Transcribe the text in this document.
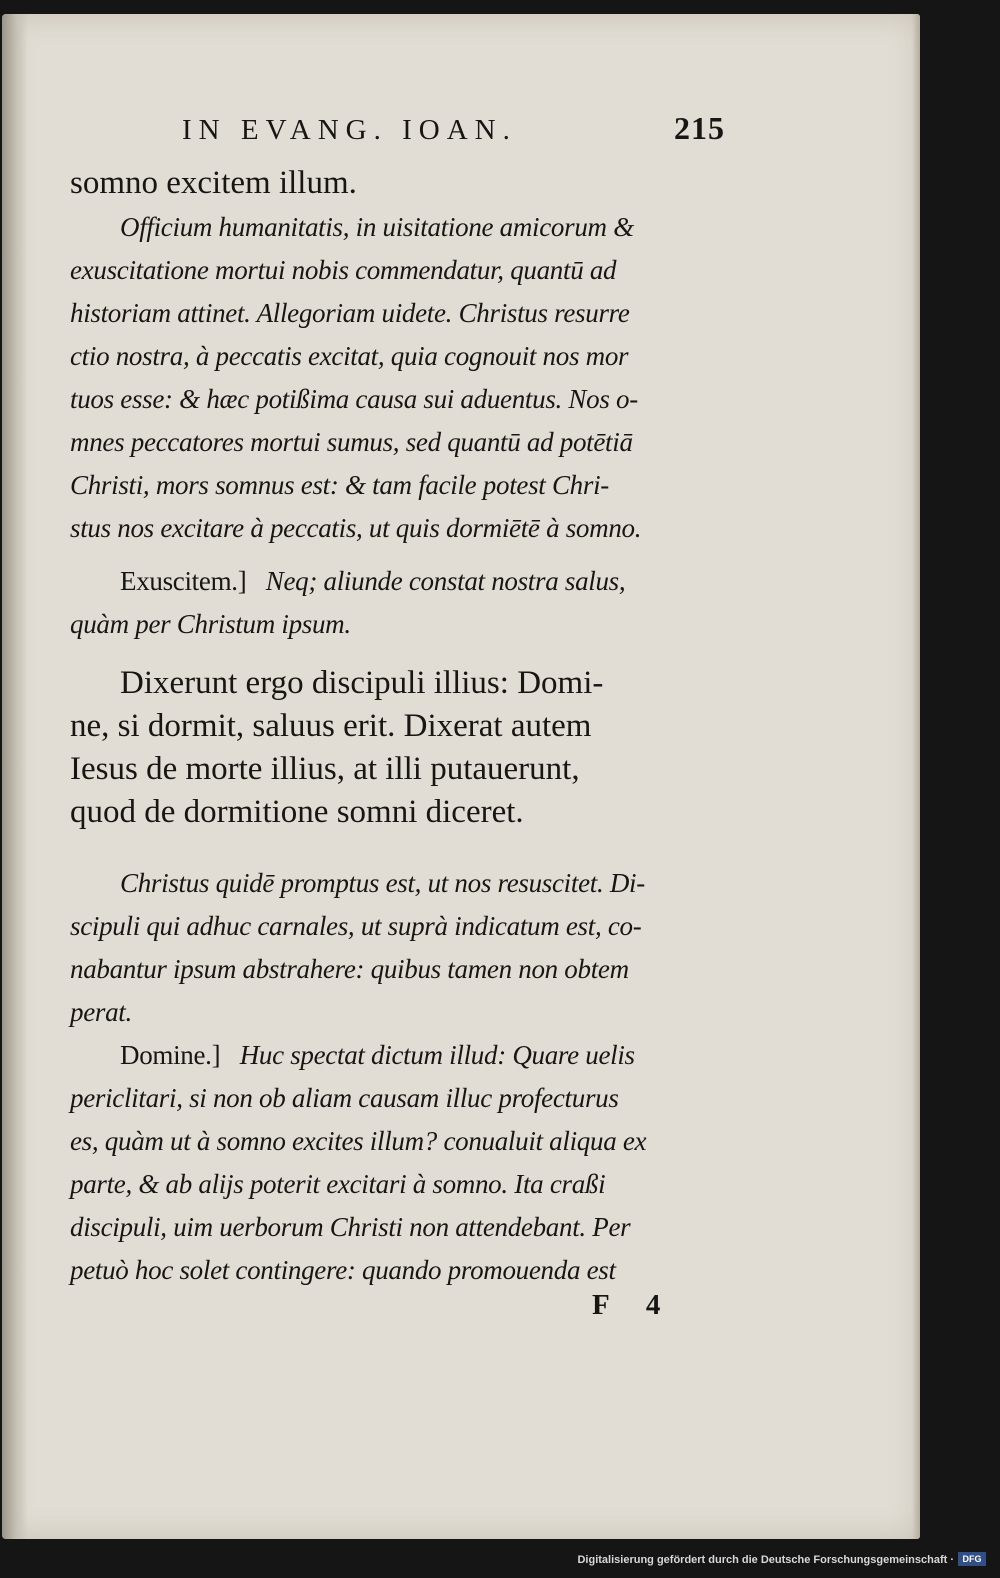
IN EVANG. IOAN.	215
somno excitem illum.
Officium humanitatis, in uisitatione amicorum &
exuscitatione mortui nobis commendatur, quantū ad
historiam attinet. Allegoriam uidete. Christus resurre
ctio nostra, à peccatis excitat, quia cognouit nos mor
tuos esse: & hæc potißima causa sui aduentus. Nos o-
mnes peccatores mortui sumus, sed quantū ad potētiā
Christi, mors somnus est: & tam facile potest Chri-
stus nos excitare à peccatis, ut quis dormiētē à somno.
Exuscitem.] Neq; aliunde constat nostra salus,
quàm per Christum ipsum.
Dixerunt ergo discipuli illius: Domi-
ne, si dormit, saluus erit. Dixerat autem
Iesus de morte illius, at illi putauerunt,
quod de dormitione somni diceret.
Christus quidē promptus est, ut nos resuscitet. Di-
scipuli qui adhuc carnales, ut suprà indicatum est, co-
nabantur ipsum abstrahere: quibus tamen non obtem
perat.
Domine.] Huc spectat dictum illud: Quare uelis
periclitari, si non ob aliam causam illuc profecturus
es, quàm ut à somno excites illum? conualuit aliqua ex
parte, & ab alijs poterit excitari à somno. Ita craßi
discipuli, uim uerborum Christi non attendebant. Per
petuò hoc solet contingere: quando promouenda est
F 4
Digitalisierung gefördert durch die Deutsche Forschungsgemeinschaft · DFG
